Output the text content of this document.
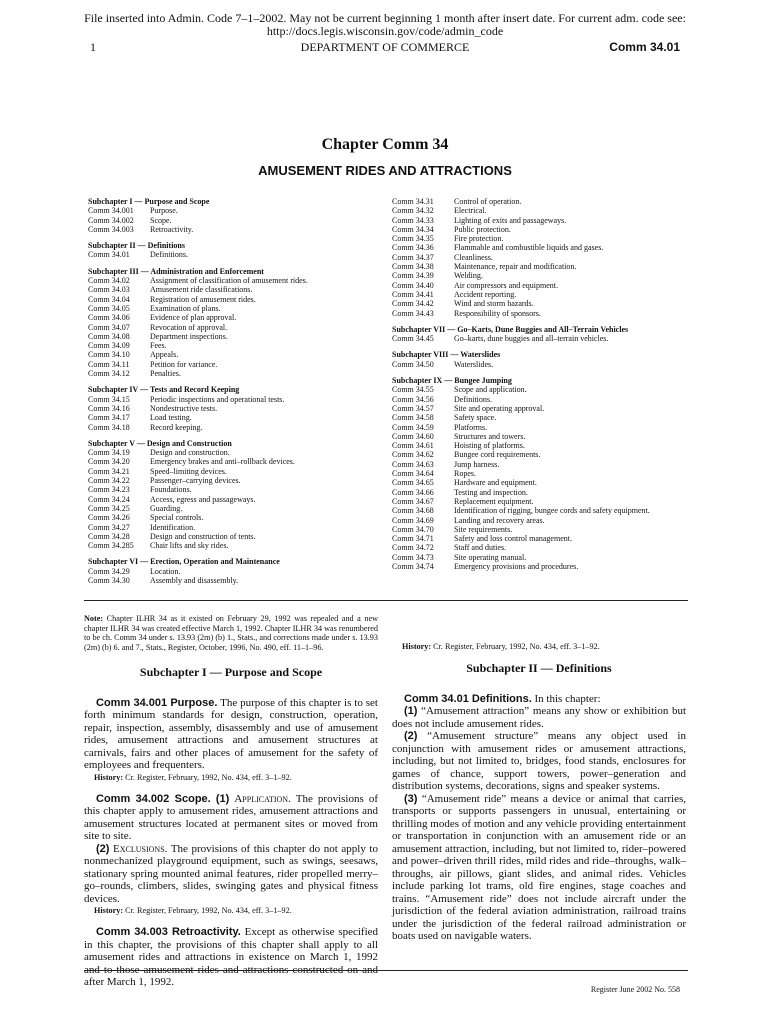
File inserted into Admin. Code 7–1–2002. May not be current beginning 1 month after insert date. For current adm. code see:
http://docs.legis.wisconsin.gov/code/admin_code
1	DEPARTMENT OF COMMERCE	Comm 34.01
Chapter Comm 34
AMUSEMENT RIDES AND ATTRACTIONS
Subchapter I — Purpose and Scope
Comm 34.001	Purpose.
Comm 34.002	Scope.
Comm 34.003	Retroactivity.
Subchapter II — Definitions
Comm 34.01	Definitions.
Subchapter III — Administration and Enforcement
Comm 34.02	Assignment of classification of amusement rides.
Comm 34.03	Amusement ride classifications.
Comm 34.04	Registration of amusement rides.
Comm 34.05	Examination of plans.
Comm 34.06	Evidence of plan approval.
Comm 34.07	Revocation of approval.
Comm 34.08	Department inspections.
Comm 34.09	Fees.
Comm 34.10	Appeals.
Comm 34.11	Petition for variance.
Comm 34.12	Penalties.
Subchapter IV — Tests and Record Keeping
Comm 34.15	Periodic inspections and operational tests.
Comm 34.16	Nondestructive tests.
Comm 34.17	Load testing.
Comm 34.18	Record keeping.
Subchapter V — Design and Construction
Comm 34.19	Design and construction.
Comm 34.20	Emergency brakes and anti–rollback devices.
Comm 34.21	Speed–limiting devices.
Comm 34.22	Passenger–carrying devices.
Comm 34.23	Foundations.
Comm 34.24	Access, egress and passageways.
Comm 34.25	Guarding.
Comm 34.26	Special controls.
Comm 34.27	Identification.
Comm 34.28	Design and construction of tents.
Comm 34.285	Chair lifts and sky rides.
Subchapter VI — Erection, Operation and Maintenance
Comm 34.29	Location.
Comm 34.30	Assembly and disassembly.
Comm 34.31	Control of operation.
Comm 34.32	Electrical.
Comm 34.33	Lighting of exits and passageways.
Comm 34.34	Public protection.
Comm 34.35	Fire protection.
Comm 34.36	Flammable and combustible liquids and gases.
Comm 34.37	Cleanliness.
Comm 34.38	Maintenance, repair and modification.
Comm 34.39	Welding.
Comm 34.40	Air compressors and equipment.
Comm 34.41	Accident reporting.
Comm 34.42	Wind and storm hazards.
Comm 34.43	Responsibility of sponsors.
Subchapter VII — Go–Karts, Dune Buggies and All–Terrain Vehicles
Comm 34.45	Go–karts, dune buggies and all–terrain vehicles.
Subchapter VIII — Waterslides
Comm 34.50	Waterslides.
Subchapter IX — Bungee Jumping
Comm 34.55	Scope and application.
Comm 34.56	Definitions.
Comm 34.57	Site and operating approval.
Comm 34.58	Safety space.
Comm 34.59	Platforms.
Comm 34.60	Structures and towers.
Comm 34.61	Hoisting of platforms.
Comm 34.62	Bungee cord requirements.
Comm 34.63	Jump harness.
Comm 34.64	Ropes.
Comm 34.65	Hardware and equipment.
Comm 34.66	Testing and inspection.
Comm 34.67	Replacement equipment.
Comm 34.68	Identification of rigging, bungee cords and safety equipment.
Comm 34.69	Landing and recovery areas.
Comm 34.70	Site requirements.
Comm 34.71	Safety and loss control management.
Comm 34.72	Staff and duties.
Comm 34.73	Site operating manual.
Comm 34.74	Emergency provisions and procedures.
Note: Chapter ILHR 34 as it existed on February 29, 1992 was repealed and a new chapter ILHR 34 was created effective March 1, 1992. Chapter ILHR 34 was renumbered to be ch. Comm 34 under s. 13.93 (2m) (b) 1., Stats., and corrections made under s. 13.93 (2m) (b) 6. and 7., Stats., Register, October, 1996, No. 490, eff. 11–1–96.
Subchapter I — Purpose and Scope

Comm 34.001 Purpose. The purpose of this chapter is to set forth minimum standards for design, construction, operation, repair, inspection, assembly, disassembly and use of amusement rides, amusement attractions and amusement structures at carnivals, fairs and other places of amusement for the safety of employees and frequenters.

History: Cr. Register, February, 1992, No. 434, eff. 3–1–92.

Comm 34.002 Scope. (1) Application. The provisions of this chapter apply to amusement rides, amusement attractions and amusement structures located at permanent sites or moved from site to site.

(2) Exclusions. The provisions of this chapter do not apply to nonmechanized playground equipment, such as swings, seesaws, stationary spring mounted animal features, rider propelled merry–go–rounds, climbers, slides, swinging gates and physical fitness devices.

History: Cr. Register, February, 1992, No. 434, eff. 3–1–92.

Comm 34.003 Retroactivity. Except as otherwise specified in this chapter, the provisions of this chapter shall apply to all amusement rides and attractions in existence on March 1, 1992 and to those amusement rides and attractions constructed on and after March 1, 1992.

History: Cr. Register, February, 1992, No. 434, eff. 3–1–92.
Subchapter II — Definitions

Comm 34.01 Definitions. In this chapter:

(1) “Amusement attraction” means any show or exhibition but does not include amusement rides.

(2) “Amusement structure” means any object used in conjunction with amusement rides or amusement attractions, including, but not limited to, bridges, food stands, enclosures for games of chance, support towers, power–generation and distribution systems, decorations, signs and speaker systems.

(3) “Amusement ride” means a device or animal that carries, transports or supports passengers in unusual, entertaining or thrilling modes of motion and any vehicle providing entertainment or transportation in conjunction with an amusement ride or an amusement attraction, including, but not limited to, rider–powered and power–driven thrill rides, mild rides and ride–throughs, walk–throughs, air pillows, giant slides, and animal rides. Vehicles include parking lot trams, old fire engines, stage coaches and trains. “Amusement ride” does not include aircraft under the jurisdiction of the federal aviation administration, railroad trains under the jurisdiction of the federal railroad administration or boats used on navigable waters.

Register June 2002 No. 558
